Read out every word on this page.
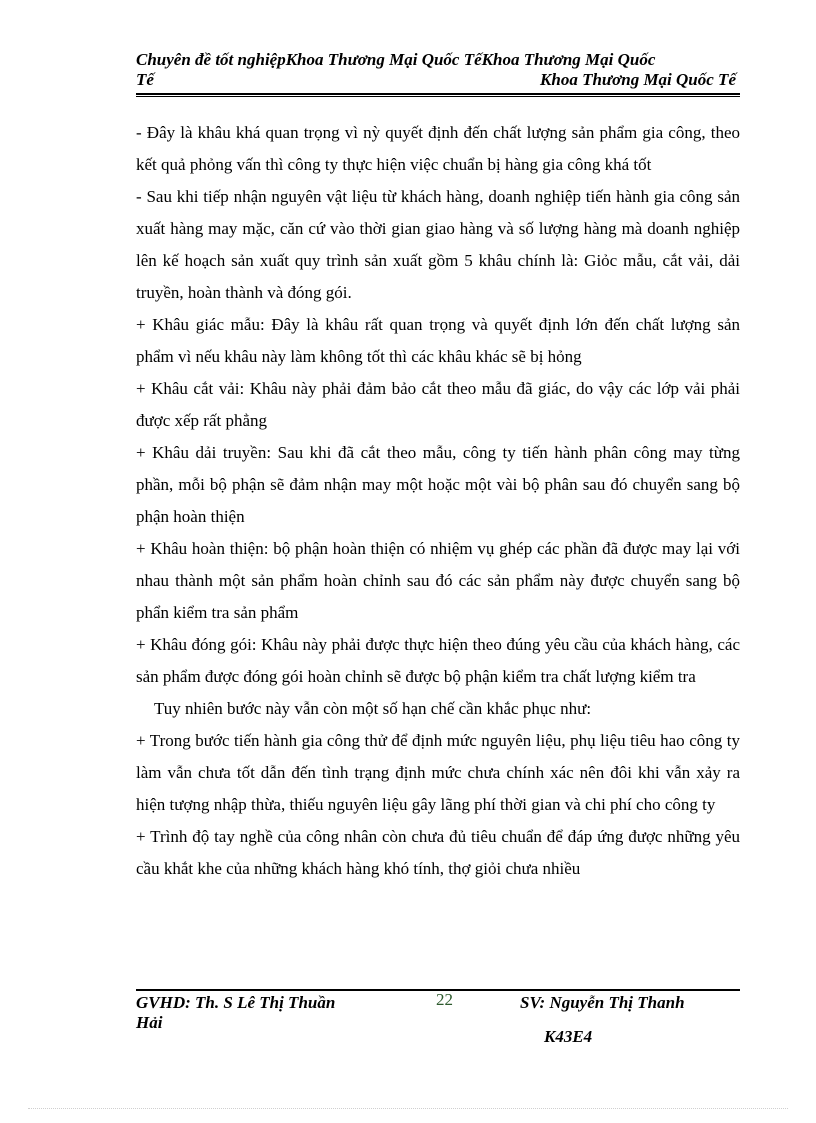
Chuyên đề tốt nghiệpKhoa Thương Mại Quốc TếKhoa Thương Mại Quốc
Tế	Khoa Thương Mại Quốc Tế

- Đây là khâu khá quan trọng vì nỳ quyết định đến chất lượng sản phẩm gia công, theo kết quả phỏng vấn thì công ty thực hiện việc chuẩn bị hàng gia công khá tốt

- Sau khi tiếp nhận nguyên vật liệu từ khách hàng, doanh nghiệp tiến hành gia công sản xuất hàng may mặc, căn cứ vào thời gian giao hàng và số lượng hàng mà doanh nghiệp lên kế hoạch sản xuất quy trình sản xuất gồm 5 khâu chính là: Giỏc mẫu, cắt vải, dải truyền, hoàn thành và đóng gói.

+ Khâu giác mẫu: Đây là khâu rất quan trọng và quyết định lớn đến chất lượng sản phẩm vì nếu khâu này làm không tốt thì các khâu khác sẽ bị hỏng

+ Khâu cắt vải: Khâu này phải đảm bảo cắt theo mẫu đã giác, do vậy các lớp vải phải được xếp rất phẳng

+ Khâu dải truyền: Sau khi đã cắt theo mẫu, công ty tiến hành phân công may từng phần, mỗi bộ phận sẽ đảm nhận may một hoặc một vài bộ phân sau đó chuyển sang bộ phận hoàn thiện

+ Khâu hoàn thiện: bộ phận hoàn thiện có nhiệm vụ ghép các phần đã được may lại với nhau thành một sản phẩm hoàn chỉnh sau đó các sản phẩm này được chuyển sang bộ phẩn kiểm tra sản phẩm

+ Khâu đóng gói: Khâu này phải được thực hiện theo đúng yêu cầu của khách hàng, các sản phẩm được đóng gói hoàn chỉnh sẽ được bộ phận kiểm tra chất lượng kiểm tra

Tuy nhiên bước này vẫn còn một số hạn chế cần khắc phục như:

+ Trong bước tiến hành gia công thử để định mức nguyên liệu, phụ liệu tiêu hao công ty làm vẫn chưa tốt dẫn đến tình trạng định mức chưa chính xác nên đôi khi vẫn xảy ra hiện tượng nhập thừa, thiếu nguyên liệu gây lãng phí thời gian và chi phí cho công ty

+ Trình độ tay nghề của công nhân còn chưa đủ tiêu chuẩn để đáp ứng được những yêu cầu khắt khe của những khách hàng khó tính, thợ giỏi chưa nhiều

GVHD: Th. S Lê Thị Thuần
Hải
22	SV: Nguyễn Thị Thanh
K43E4
